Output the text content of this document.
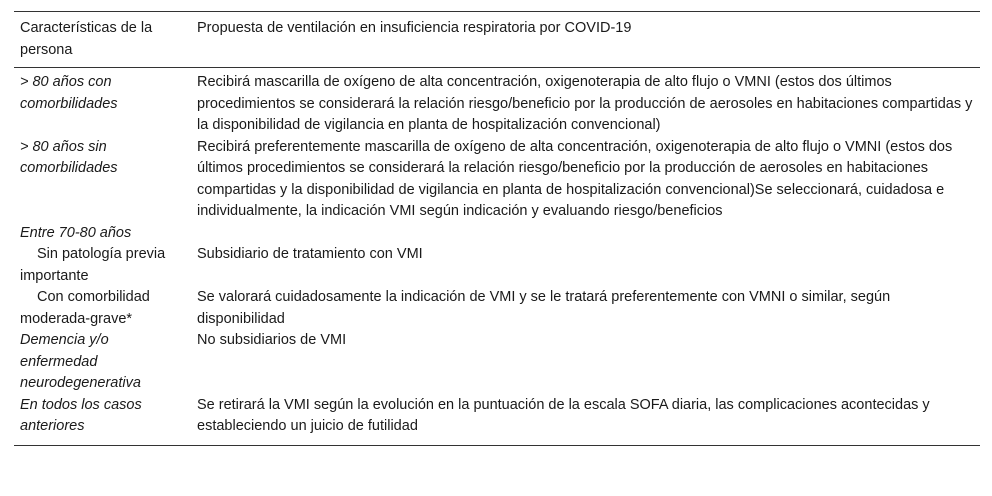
Características de la persona	Propuesta de ventilación en insuficiencia respiratoria por COVID-19
> 80 años con comorbilidades	Recibirá mascarilla de oxígeno de alta concentración, oxigenoterapia de alto flujo o VMNI (estos dos últimos procedimientos se considerará la relación riesgo/beneficio por la producción de aerosoles en habitaciones compartidas y la disponibilidad de vigilancia en planta de hospitalización convencional)
> 80 años sin comorbilidades	Recibirá preferentemente mascarilla de oxígeno de alta concentración, oxigenoterapia de alto flujo o VMNI (estos dos últimos procedimientos se considerará la relación riesgo/beneficio por la producción de aerosoles en habitaciones compartidas y la disponibilidad de vigilancia en planta de hospitalización convencional)Se seleccionará, cuidadosa e individualmente, la indicación VMI según indicación y evaluando riesgo/beneficios
Entre 70-80 años	
Sin patología previa importante	Subsidiario de tratamiento con VMI
Con comorbilidad moderada-grave*	Se valorará cuidadosamente la indicación de VMI y se le tratará preferentemente con VMNI o similar, según disponibilidad
Demencia y/o enfermedad neurodegenerativa	No subsidiarios de VMI
En todos los casos anteriores	Se retirará la VMI según la evolución en la puntuación de la escala SOFA diaria, las complicaciones acontecidas y estableciendo un juicio de futilidad
